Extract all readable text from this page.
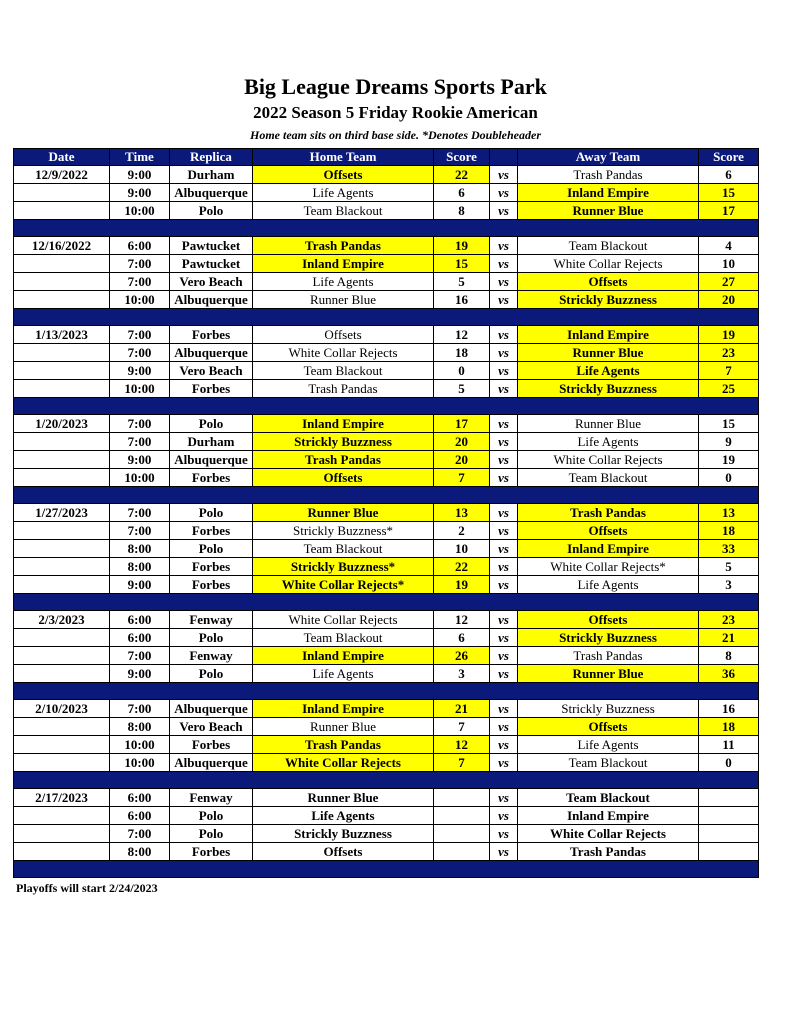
Big League Dreams Sports Park
2022 Season 5 Friday Rookie American
Home team sits on third base side. *Denotes Doubleheader
Date	Time	Replica	Home Team	Score		Away Team	Score
12/9/2022	9:00	Durham	Offsets	22	vs	Trash Pandas	6
	9:00	Albuquerque	Life Agents	6	vs	Inland Empire	15
	10:00	Polo	Team Blackout	8	vs	Runner Blue	17

12/16/2022	6:00	Pawtucket	Trash Pandas	19	vs	Team Blackout	4
	7:00	Pawtucket	Inland Empire	15	vs	White Collar Rejects	10
	7:00	Vero Beach	Life Agents	5	vs	Offsets	27
	10:00	Albuquerque	Runner Blue	16	vs	Strickly Buzzness	20

1/13/2023	7:00	Forbes	Offsets	12	vs	Inland Empire	19
	7:00	Albuquerque	White Collar Rejects	18	vs	Runner Blue	23
	9:00	Vero Beach	Team Blackout	0	vs	Life Agents	7
	10:00	Forbes	Trash Pandas	5	vs	Strickly Buzzness	25

1/20/2023	7:00	Polo	Inland Empire	17	vs	Runner Blue	15
	7:00	Durham	Strickly Buzzness	20	vs	Life Agents	9
	9:00	Albuquerque	Trash Pandas	20	vs	White Collar Rejects	19
	10:00	Forbes	Offsets	7	vs	Team Blackout	0

1/27/2023	7:00	Polo	Runner Blue	13	vs	Trash Pandas	13
	7:00	Forbes	Strickly Buzzness*	2	vs	Offsets	18
	8:00	Polo	Team Blackout	10	vs	Inland Empire	33
	8:00	Forbes	Strickly Buzzness*	22	vs	White Collar Rejects*	5
	9:00	Forbes	White Collar Rejects*	19	vs	Life Agents	3

2/3/2023	6:00	Fenway	White Collar Rejects	12	vs	Offsets	23
	6:00	Polo	Team Blackout	6	vs	Strickly Buzzness	21
	7:00	Fenway	Inland Empire	26	vs	Trash Pandas	8
	9:00	Polo	Life Agents	3	vs	Runner Blue	36

2/10/2023	7:00	Albuquerque	Inland Empire	21	vs	Strickly Buzzness	16
	8:00	Vero Beach	Runner Blue	7	vs	Offsets	18
	10:00	Forbes	Trash Pandas	12	vs	Life Agents	11
	10:00	Albuquerque	White Collar Rejects	7	vs	Team Blackout	0

2/17/2023	6:00	Fenway	Runner Blue		vs	Team Blackout	
	6:00	Polo	Life Agents		vs	Inland Empire	
	7:00	Polo	Strickly Buzzness		vs	White Collar Rejects	
	8:00	Forbes	Offsets		vs	Trash Pandas	

Playoffs will start 2/24/2023
